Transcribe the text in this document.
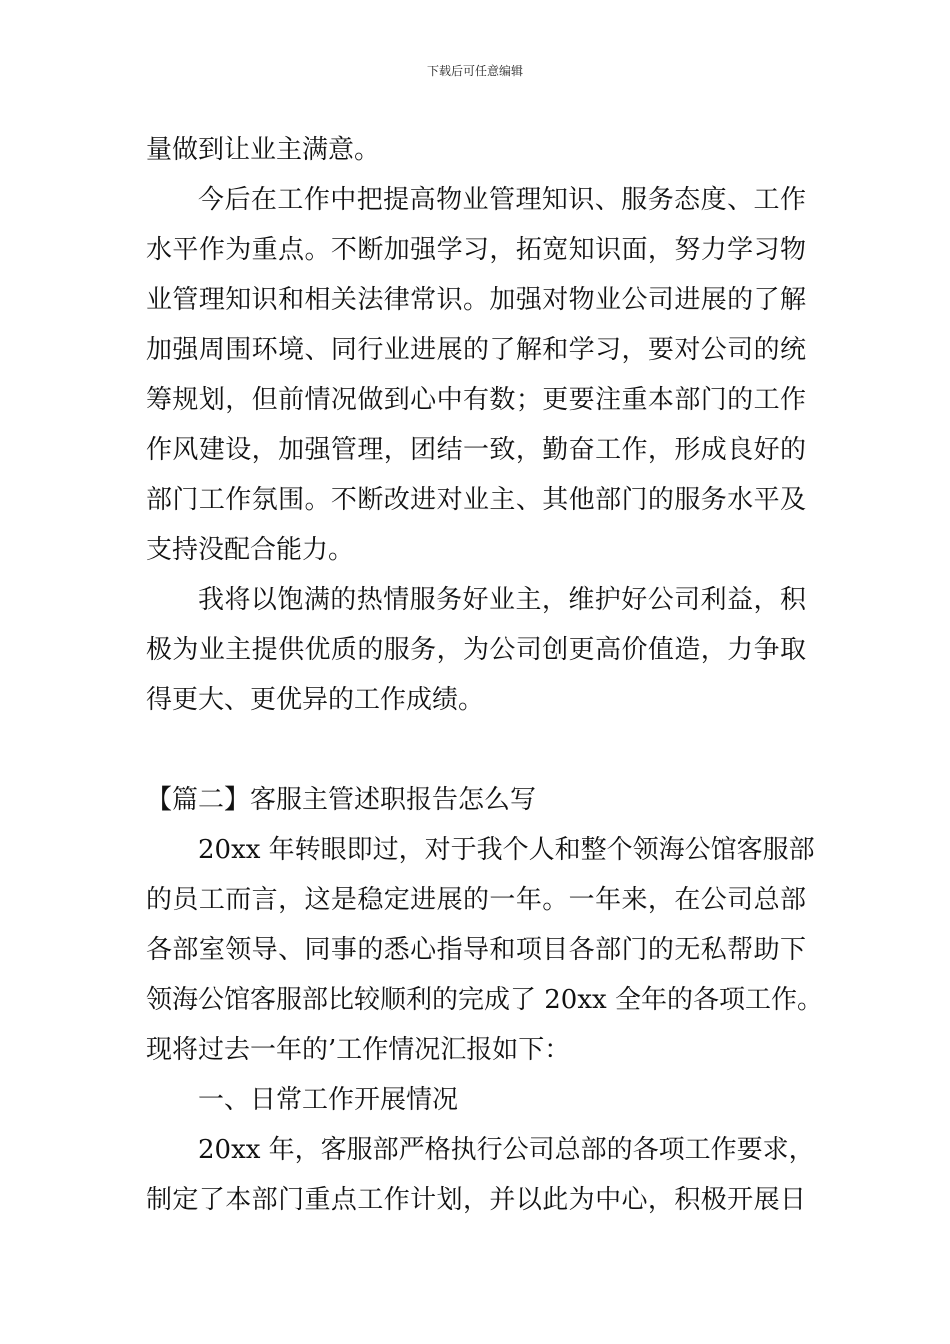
下载后可任意编辑
量做到让业主满意。
今后在工作中把提高物业管理知识、服务态度、工作
水平作为重点。不断加强学习，拓宽知识面，努力学习物
业管理知识和相关法律常识。加强对物业公司进展的了解
加强周围环境、同行业进展的了解和学习，要对公司的统
筹规划，但前情况做到心中有数；更要注重本部门的工作
作风建设，加强管理，团结一致，勤奋工作，形成良好的
部门工作氛围。不断改进对业主、其他部门的服务水平及
支持没配合能力。
我将以饱满的热情服务好业主，维护好公司利益，积
极为业主提供优质的服务，为公司创更高价值造，力争取
得更大、更优异的工作成绩。
【篇二】客服主管述职报告怎么写
20xx 年转眼即过，对于我个人和整个领海公馆客服部
的员工而言，这是稳定进展的一年。一年来，在公司总部
各部室领导、同事的悉心指导和项目各部门的无私帮助下
领海公馆客服部比较顺利的完成了 20xx 全年的各项工作。
现将过去一年的’工作情况汇报如下：
一、日常工作开展情况
20xx 年，客服部严格执行公司总部的各项工作要求，
制定了本部门重点工作计划，并以此为中心，积极开展日
